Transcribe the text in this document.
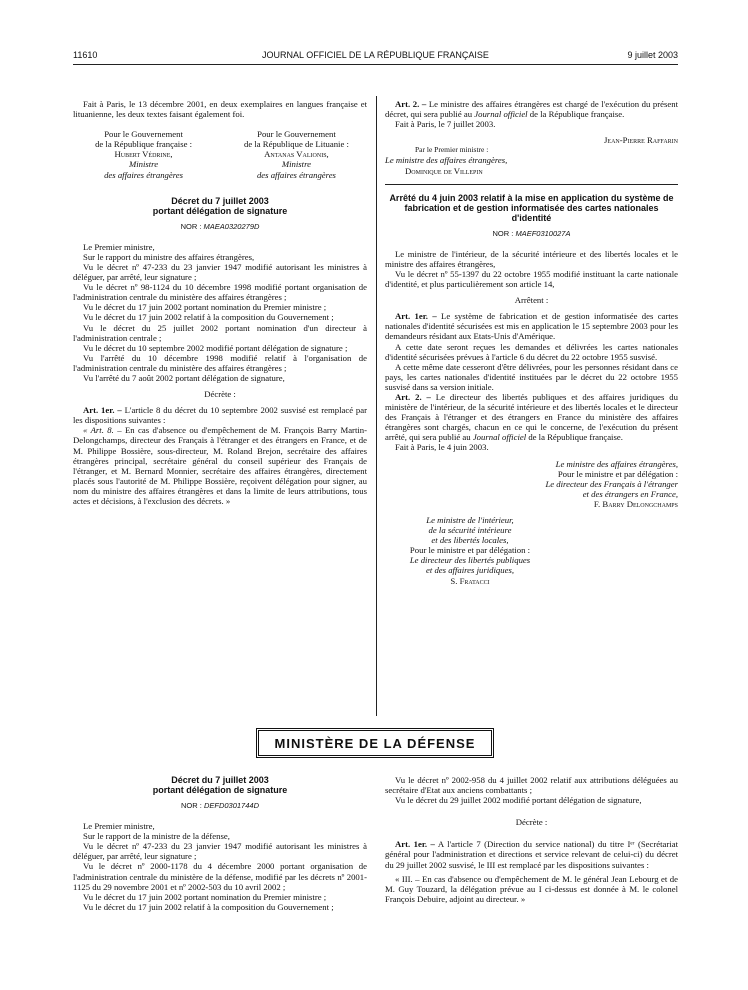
11610	JOURNAL OFFICIEL DE LA RÉPUBLIQUE FRANÇAISE	9 juillet 2003

Fait à Paris, le 13 décembre 2001, en deux exemplaires en langues française et lituanienne, les deux textes faisant également foi.

Pour le Gouvernement
de la République française :
Hubert Védrine,
Ministre
des affaires étrangères
Pour le Gouvernement
de la République de Lituanie :
Antanas Valionis,
Ministre
des affaires étrangères
Décret du 7 juillet 2003
portant délégation de signature
NOR : MAEA0320279D

Le Premier ministre,

Sur le rapport du ministre des affaires étrangères,

Vu le décret nº 47-233 du 23 janvier 1947 modifié autorisant les ministres à déléguer, par arrêté, leur signature ;

Vu le décret nº 98-1124 du 10 décembre 1998 modifié portant organisation de l'administration centrale du ministère des affaires étrangères ;

Vu le décret du 17 juin 2002 portant nomination du Premier ministre ;

Vu le décret du 17 juin 2002 relatif à la composition du Gouvernement ;

Vu le décret du 25 juillet 2002 portant nomination d'un directeur à l'administration centrale ;

Vu le décret du 10 septembre 2002 modifié portant délégation de signature ;

Vu l'arrêté du 10 décembre 1998 modifié relatif à l'organisation de l'administration centrale du ministère des affaires étrangères ;

Vu l'arrêté du 7 août 2002 portant délégation de signature,

Décrète :

Art. 1er. – L'article 8 du décret du 10 septembre 2002 susvisé est remplacé par les dispositions suivantes :

« Art. 8. – En cas d'absence ou d'empêchement de M. François Barry Martin-Delongchamps, directeur des Français à l'étranger et des étrangers en France, et de M. Philippe Bossière, sous-directeur, M. Roland Brejon, secrétaire des affaires étrangères principal, secrétaire général du conseil supérieur des Français de l'étranger, et M. Bernard Monnier, secrétaire des affaires étrangères, directement placés sous l'autorité de M. Philippe Bossière, reçoivent délégation pour signer, au nom du ministre des affaires étrangères et dans la limite de leurs attributions, tous actes et décisions, à l'exclusion des décrets. »

Art. 2. – Le ministre des affaires étrangères est chargé de l'exécution du présent décret, qui sera publié au Journal officiel de la République française.

Fait à Paris, le 7 juillet 2003.

Jean-Pierre Raffarin
Par le Premier ministre :
Le ministre des affaires étrangères,
Dominique de Villepin
Arrêté du 4 juin 2003 relatif à la mise en application du système de fabrication et de gestion informatisée des cartes nationales d'identité
NOR : MAEF0310027A

Le ministre de l'intérieur, de la sécurité intérieure et des libertés locales et le ministre des affaires étrangères,

Vu le décret nº 55-1397 du 22 octobre 1955 modifié instituant la carte nationale d'identité, et plus particulièrement son article 14,

Arrêtent :

Art. 1er. – Le système de fabrication et de gestion informatisée des cartes nationales d'identité sécurisées est mis en application le 15 septembre 2003 pour les demandeurs résidant aux Etats-Unis d'Amérique.

A cette date seront reçues les demandes et délivrées les cartes nationales d'identité sécurisées prévues à l'article 6 du décret du 22 octobre 1955 susvisé.

A cette même date cesseront d'être délivrées, pour les personnes résidant dans ce pays, les cartes nationales d'identité instituées par le décret du 22 octobre 1955 susvisé dans sa version initiale.

Art. 2. – Le directeur des libertés publiques et des affaires juridiques du ministère de l'intérieur, de la sécurité intérieure et des libertés locales et le directeur des Français à l'étranger et des étrangers en France du ministère des affaires étrangères sont chargés, chacun en ce qui le concerne, de l'exécution du présent arrêté, qui sera publié au Journal officiel de la République française.

Fait à Paris, le 4 juin 2003.

Le ministre des affaires étrangères,
Pour le ministre et par délégation :
Le directeur des Français à l'étranger
et des étrangers en France,
F. Barry Delongchamps
Le ministre de l'intérieur,
de la sécurité intérieure
et des libertés locales,
Pour le ministre et par délégation :
Le directeur des libertés publiques
et des affaires juridiques,
S. Fratacci
MINISTÈRE DE LA DÉFENSE
Décret du 7 juillet 2003
portant délégation de signature
NOR : DEFD0301744D

Le Premier ministre,

Sur le rapport de la ministre de la défense,

Vu le décret nº 47-233 du 23 janvier 1947 modifié autorisant les ministres à déléguer, par arrêté, leur signature ;

Vu le décret nº 2000-1178 du 4 décembre 2000 portant organisation de l'administration centrale du ministère de la défense, modifié par les décrets nº 2001-1125 du 29 novembre 2001 et nº 2002-503 du 10 avril 2002 ;

Vu le décret du 17 juin 2002 portant nomination du Premier ministre ;

Vu le décret du 17 juin 2002 relatif à la composition du Gouvernement ;

Vu le décret nº 2002-958 du 4 juillet 2002 relatif aux attributions déléguées au secrétaire d'Etat aux anciens combattants ;

Vu le décret du 29 juillet 2002 modifié portant délégation de signature,

Décrète :

Art. 1er. – A l'article 7 (Direction du service national) du titre Iᵉʳ (Secrétariat général pour l'administration et directions et service relevant de celui-ci) du décret du 29 juillet 2002 susvisé, le III est remplacé par les dispositions suivantes :

« III. – En cas d'absence ou d'empêchement de M. le général Jean Lebourg et de M. Guy Touzard, la délégation prévue au I ci-dessus est donnée à M. le colonel François Debuire, adjoint au directeur. »
